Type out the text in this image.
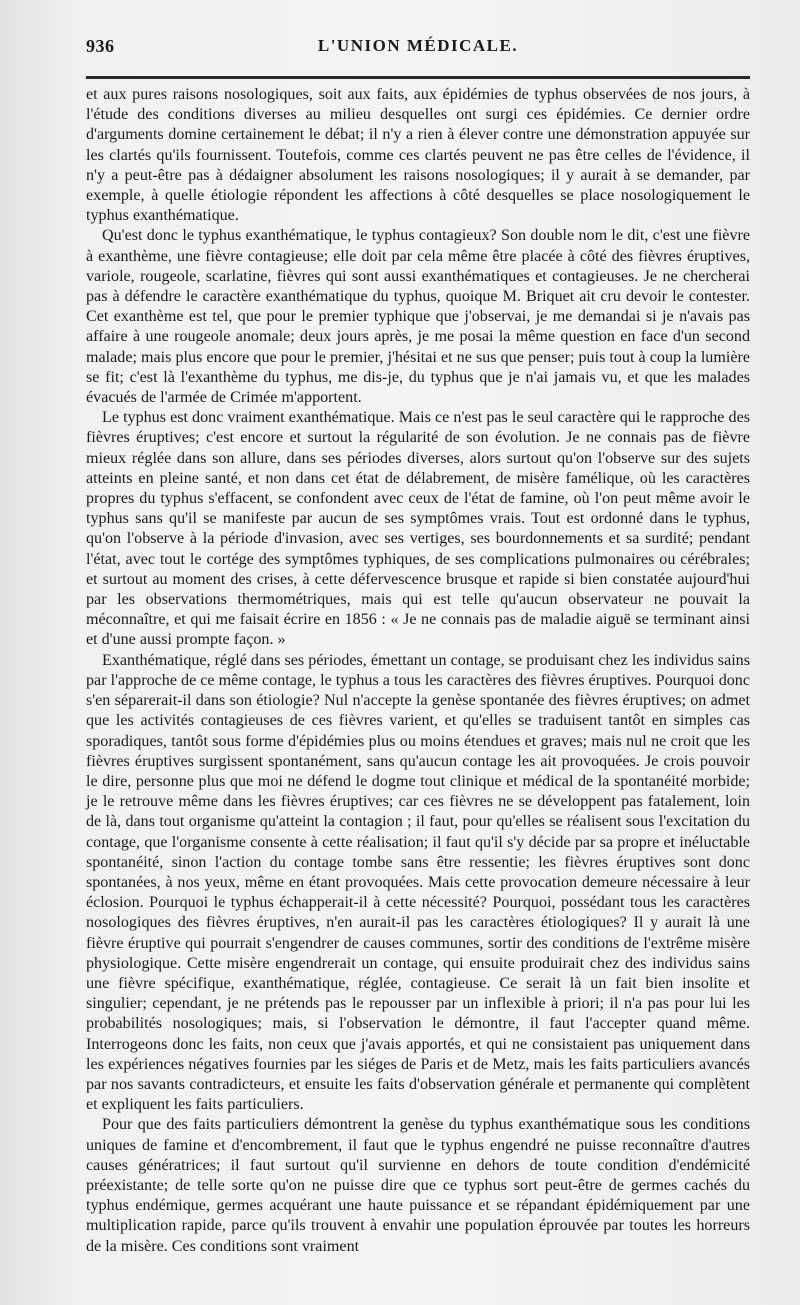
936	L'UNION MÉDICALE.

et aux pures raisons nosologiques, soit aux faits, aux épidémies de typhus observées de nos jours, à l'étude des conditions diverses au milieu desquelles ont surgi ces épidémies. Ce dernier ordre d'arguments domine certainement le débat; il n'y a rien à élever contre une démonstration appuyée sur les clartés qu'ils fournissent. Toutefois, comme ces clartés peuvent ne pas être celles de l'évidence, il n'y a peut-être pas à dédaigner absolument les raisons nosologiques; il y aurait à se demander, par exemple, à quelle étiologie répondent les affections à côté desquelles se place nosologiquement le typhus exanthématique.

Qu'est donc le typhus exanthématique, le typhus contagieux? Son double nom le dit, c'est une fièvre à exanthème, une fièvre contagieuse; elle doit par cela même être placée à côté des fièvres éruptives, variole, rougeole, scarlatine, fièvres qui sont aussi exanthématiques et contagieuses. Je ne chercherai pas à défendre le caractère exanthématique du typhus, quoique M. Briquet ait cru devoir le contester. Cet exanthème est tel, que pour le premier typhique que j'observai, je me demandai si je n'avais pas affaire à une rougeole anomale; deux jours après, je me posai la même question en face d'un second malade; mais plus encore que pour le premier, j'hésitai et ne sus que penser; puis tout à coup la lumière se fit; c'est là l'exanthème du typhus, me dis-je, du typhus que je n'ai jamais vu, et que les malades évacués de l'armée de Crimée m'apportent.

Le typhus est donc vraiment exanthématique. Mais ce n'est pas le seul caractère qui le rapproche des fièvres éruptives; c'est encore et surtout la régularité de son évolution. Je ne connais pas de fièvre mieux réglée dans son allure, dans ses périodes diverses, alors surtout qu'on l'observe sur des sujets atteints en pleine santé, et non dans cet état de délabrement, de misère famélique, où les caractères propres du typhus s'effacent, se confondent avec ceux de l'état de famine, où l'on peut même avoir le typhus sans qu'il se manifeste par aucun de ses symptômes vrais. Tout est ordonné dans le typhus, qu'on l'observe à la période d'invasion, avec ses vertiges, ses bourdonnements et sa surdité; pendant l'état, avec tout le cortége des symptômes typhiques, de ses complications pulmonaires ou cérébrales; et surtout au moment des crises, à cette défervescence brusque et rapide si bien constatée aujourd'hui par les observations thermométriques, mais qui est telle qu'aucun observateur ne pouvait la méconnaître, et qui me faisait écrire en 1856 : « Je ne connais pas de maladie aiguë se terminant ainsi et d'une aussi prompte façon. »

Exanthématique, réglé dans ses périodes, émettant un contage, se produisant chez les individus sains par l'approche de ce même contage, le typhus a tous les caractères des fièvres éruptives. Pourquoi donc s'en séparerait-il dans son étiologie? Nul n'accepte la genèse spontanée des fièvres éruptives; on admet que les activités contagieuses de ces fièvres varient, et qu'elles se traduisent tantôt en simples cas sporadiques, tantôt sous forme d'épidémies plus ou moins étendues et graves; mais nul ne croit que les fièvres éruptives surgissent spontanément, sans qu'aucun contage les ait provoquées. Je crois pouvoir le dire, personne plus que moi ne défend le dogme tout clinique et médical de la spontanéité morbide; je le retrouve même dans les fièvres éruptives; car ces fièvres ne se développent pas fatalement, loin de là, dans tout organisme qu'atteint la contagion ; il faut, pour qu'elles se réalisent sous l'excitation du contage, que l'organisme consente à cette réalisation; il faut qu'il s'y décide par sa propre et inéluctable spontanéité, sinon l'action du contage tombe sans être ressentie; les fièvres éruptives sont donc spontanées, à nos yeux, même en étant provoquées. Mais cette provocation demeure nécessaire à leur éclosion. Pourquoi le typhus échapperait-il à cette nécessité? Pourquoi, possédant tous les caractères nosologiques des fièvres éruptives, n'en aurait-il pas les caractères étiologiques? Il y aurait là une fièvre éruptive qui pourrait s'engendrer de causes communes, sortir des conditions de l'extrême misère physiologique. Cette misère engendrerait un contage, qui ensuite produirait chez des individus sains une fièvre spécifique, exanthématique, réglée, contagieuse. Ce serait là un fait bien insolite et singulier; cependant, je ne prétends pas le repousser par un inflexible à priori; il n'a pas pour lui les probabilités nosologiques; mais, si l'observation le démontre, il faut l'accepter quand même. Interrogeons donc les faits, non ceux que j'avais apportés, et qui ne consistaient pas uniquement dans les expériences négatives fournies par les siéges de Paris et de Metz, mais les faits particuliers avancés par nos savants contradicteurs, et ensuite les faits d'observation générale et permanente qui complètent et expliquent les faits particuliers.

Pour que des faits particuliers démontrent la genèse du typhus exanthématique sous les conditions uniques de famine et d'encombrement, il faut que le typhus engendré ne puisse reconnaître d'autres causes génératrices; il faut surtout qu'il survienne en dehors de toute condition d'endémicité préexistante; de telle sorte qu'on ne puisse dire que ce typhus sort peut-être de germes cachés du typhus endémique, germes acquérant une haute puissance et se répandant épidémiquement par une multiplication rapide, parce qu'ils trouvent à envahir une population éprouvée par toutes les horreurs de la misère. Ces conditions sont vraiment
